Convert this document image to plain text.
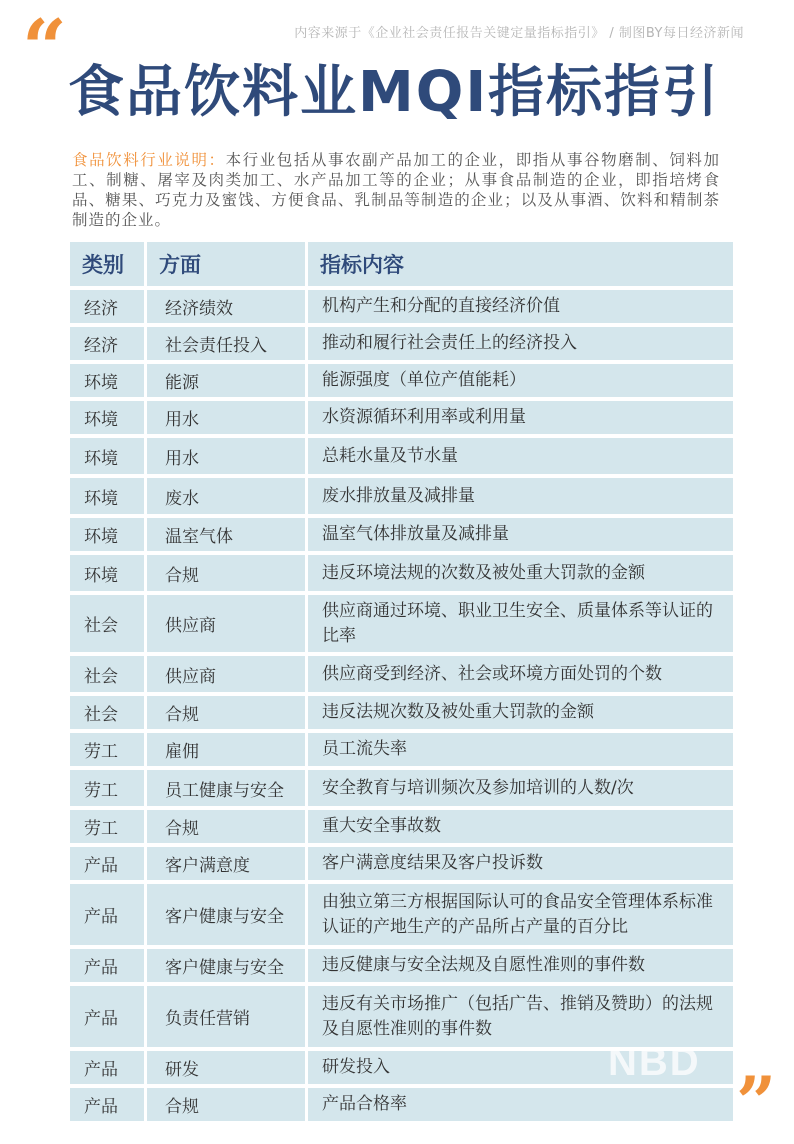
“	内容来源于《企业社会责任报告关键定量指标指引》 / 制图BY每日经济新闻
食品饮料业MQI指标指引
食品饮料行业说明：本行业包括从事农副产品加工的企业，即指从事谷物磨制、饲料加工、制糖、屠宰及肉类加工、水产品加工等的企业；从事食品制造的企业，即指培烤食品、糖果、巧克力及蜜饯、方便食品、乳制品等制造的企业；以及从事酒、饮料和精制茶制造的企业。
类别	方面	指标内容
经济	经济绩效	机构产生和分配的直接经济价值
经济	社会责任投入	推动和履行社会责任上的经济投入
环境	能源	能源强度（单位产值能耗）
环境	用水	水资源循环利用率或利用量
环境	用水	总耗水量及节水量
环境	废水	废水排放量及减排量
环境	温室气体	温室气体排放量及减排量
环境	合规	违反环境法规的次数及被处重大罚款的金额
社会	供应商	供应商通过环境、职业卫生安全、质量体系等认证的比率
社会	供应商	供应商受到经济、社会或环境方面处罚的个数
社会	合规	违反法规次数及被处重大罚款的金额
劳工	雇佣	员工流失率
劳工	员工健康与安全	安全教育与培训频次及参加培训的人数/次
劳工	合规	重大安全事故数
产品	客户满意度	客户满意度结果及客户投诉数
产品	客户健康与安全	由独立第三方根据国际认可的食品安全管理体系标准认证的产地生产的产品所占产量的百分比
产品	客户健康与安全	违反健康与安全法规及自愿性准则的事件数
产品	负责任营销	违反有关市场推广（包括广告、推销及赞助）的法规及自愿性准则的事件数
产品	研发	研发投入
产品	合规	产品合格率
NBD ”
